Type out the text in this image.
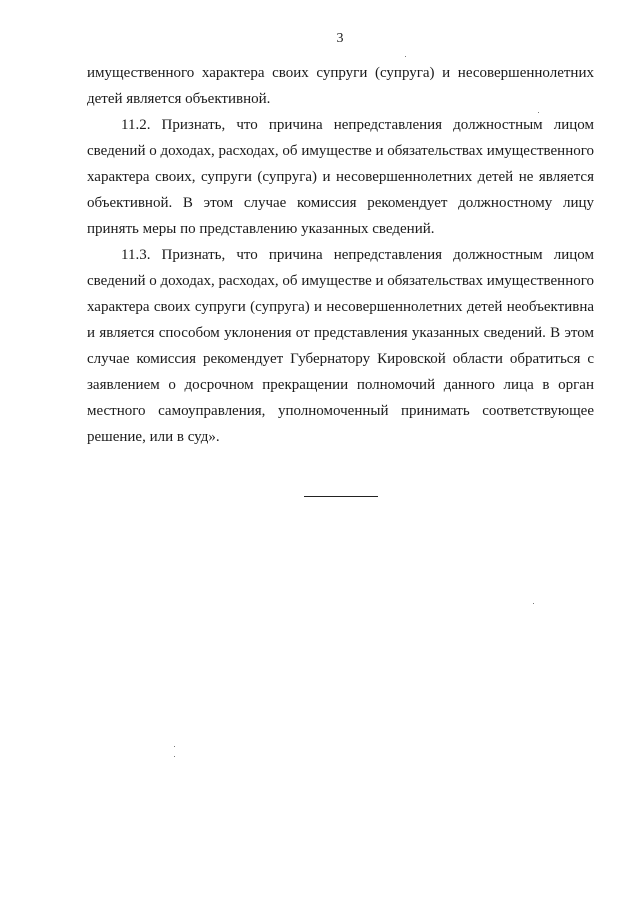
3

имущественного характера своих супруги (супруга) и несовершеннолетних детей является объективной.

11.2. Признать, что причина непредставления должностным лицом сведений о доходах, расходах, об имуществе и обязательствах имущественного характера своих, супруги (супруга) и несовершеннолетних детей не является объективной. В этом случае комиссия рекомендует должностному лицу принять меры по представлению указанных сведений.

11.3. Признать, что причина непредставления должностным лицом сведений о доходах, расходах, об имуществе и обязательствах имущественного характера своих супруги (супруга) и несовершеннолетних детей необъективна и является способом уклонения от представления указанных сведений. В этом случае комиссия рекомендует Губернатору Кировской области обратиться с заявлением о досрочном прекращении полномочий данного лица в орган местного самоуправления, уполномоченный принимать соответствующее решение, или в суд».
